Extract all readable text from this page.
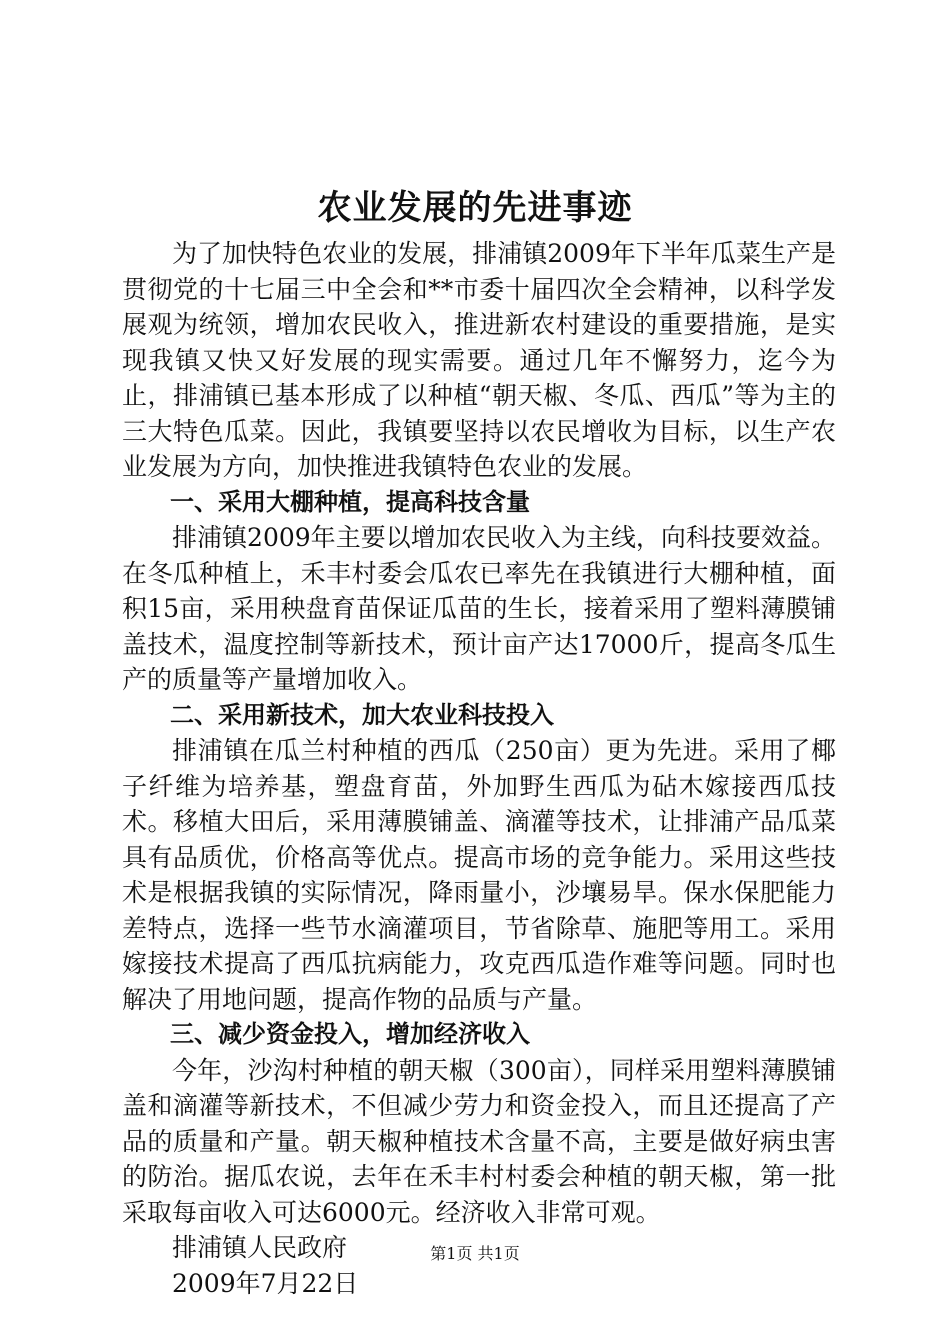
农业发展的先进事迹

为了加快特色农业的发展，排浦镇2009年下半年瓜菜生产是贯彻党的十七届三中全会和**市委十届四次全会精神，以科学发展观为统领，增加农民收入，推进新农村建设的重要措施，是实现我镇又快又好发展的现实需要。通过几年不懈努力，迄今为止，排浦镇已基本形成了以种植“朝天椒、冬瓜、西瓜”等为主的三大特色瓜菜。因此，我镇要坚持以农民增收为目标，以生产农业发展为方向，加快推进我镇特色农业的发展。

一、采用大棚种植，提高科技含量

排浦镇2009年主要以增加农民收入为主线，向科技要效益。在冬瓜种植上，禾丰村委会瓜农已率先在我镇进行大棚种植，面积15亩，采用秧盘育苗保证瓜苗的生长，接着采用了塑料薄膜铺盖技术，温度控制等新技术，预计亩产达17000斤，提高冬瓜生产的质量等产量增加收入。

二、采用新技术，加大农业科技投入

排浦镇在瓜兰村种植的西瓜（250亩）更为先进。采用了椰子纤维为培养基，塑盘育苗，外加野生西瓜为砧木嫁接西瓜技术。移植大田后，采用薄膜铺盖、滴灌等技术，让排浦产品瓜菜具有品质优，价格高等优点。提高市场的竞争能力。采用这些技术是根据我镇的实际情况，降雨量小，沙壤易旱。保水保肥能力差特点，选择一些节水滴灌项目，节省除草、施肥等用工。采用嫁接技术提高了西瓜抗病能力，攻克西瓜造作难等问题。同时也解决了用地问题，提高作物的品质与产量。

三、减少资金投入，增加经济收入

今年，沙沟村种植的朝天椒（300亩），同样采用塑料薄膜铺盖和滴灌等新技术，不但减少劳力和资金投入，而且还提高了产品的质量和产量。朝天椒种植技术含量不高，主要是做好病虫害的防治。据瓜农说，去年在禾丰村村委会种植的朝天椒，第一批采取每亩收入可达6000元。经济收入非常可观。

排浦镇人民政府

2009年7月22日

第1页 共1页
